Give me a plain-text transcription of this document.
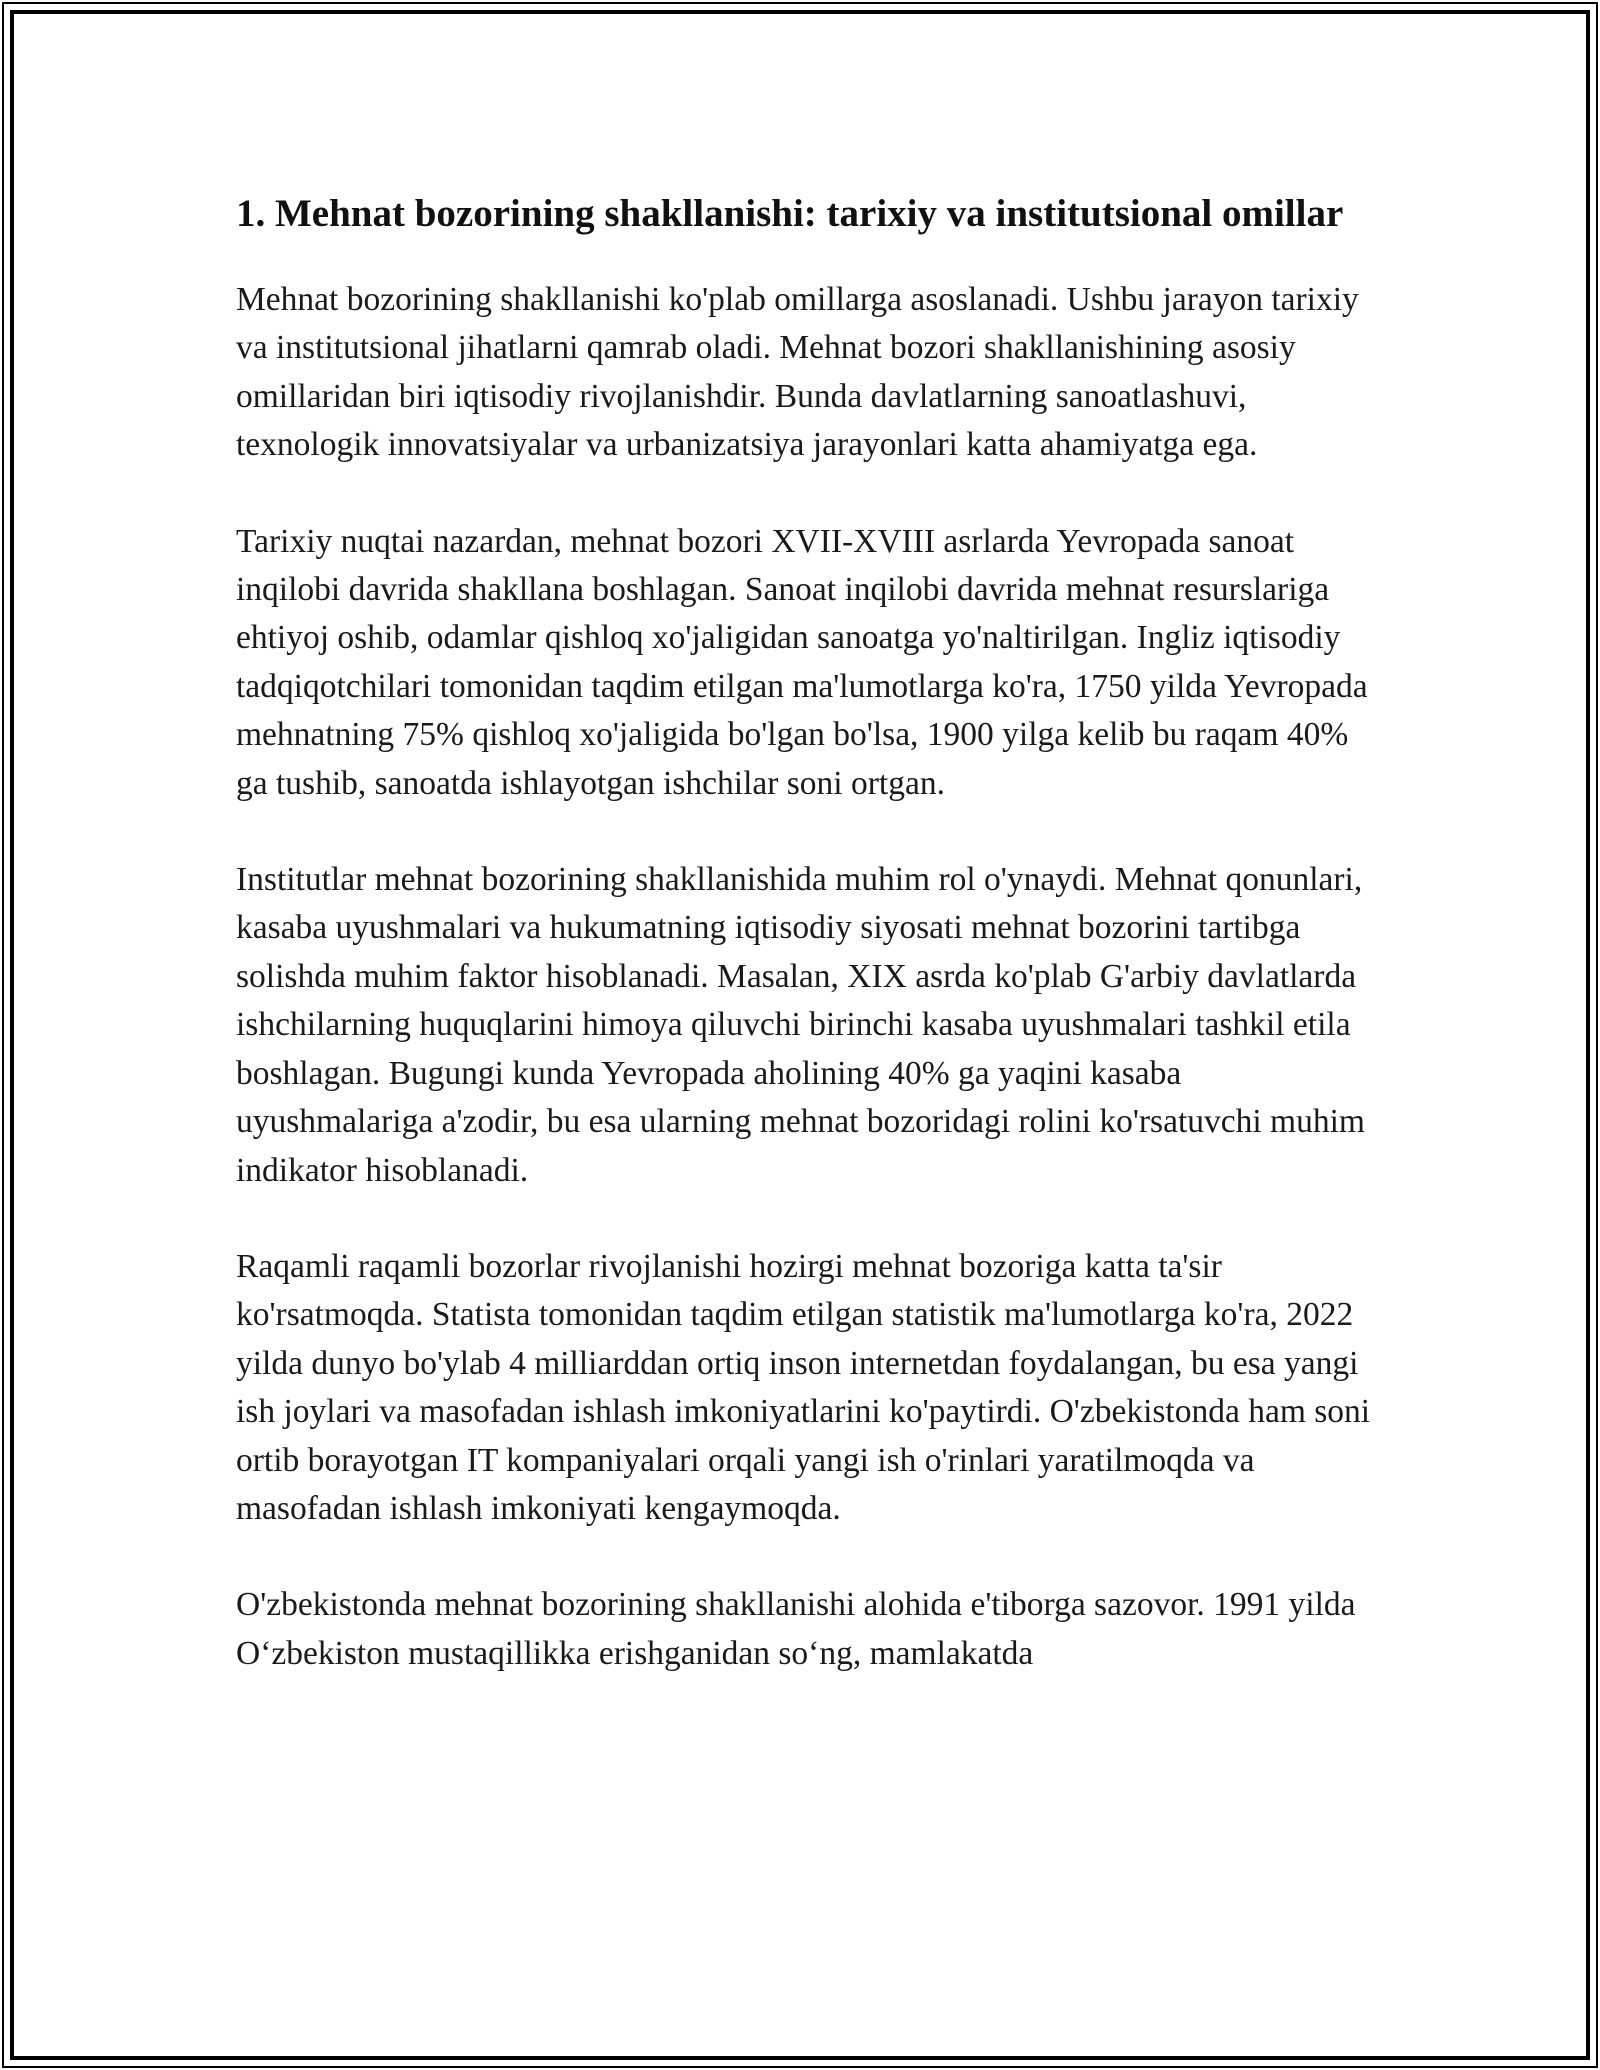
1. Mehnat bozorining shakllanishi: tarixiy va institutsional omillar

Mehnat bozorining shakllanishi ko'plab omillarga asoslanadi. Ushbu jarayon tarixiy va institutsional jihatlarni qamrab oladi. Mehnat bozori shakllanishining asosiy omillaridan biri iqtisodiy rivojlanishdir. Bunda davlatlarning sanoatlashuvi, texnologik innovatsiyalar va urbanizatsiya jarayonlari katta ahamiyatga ega.

Tarixiy nuqtai nazardan, mehnat bozori XVII-XVIII asrlarda Yevropada sanoat inqilobi davrida shakllana boshlagan. Sanoat inqilobi davrida mehnat resurslariga ehtiyoj oshib, odamlar qishloq xo'jaligidan sanoatga yo'naltirilgan. Ingliz iqtisodiy tadqiqotchilari tomonidan taqdim etilgan ma'lumotlarga ko'ra, 1750 yilda Yevropada mehnatning 75% qishloq xo'jaligida bo'lgan bo'lsa, 1900 yilga kelib bu raqam 40% ga tushib, sanoatda ishlayotgan ishchilar soni ortgan.

Institutlar mehnat bozorining shakllanishida muhim rol o'ynaydi. Mehnat qonunlari, kasaba uyushmalari va hukumatning iqtisodiy siyosati mehnat bozorini tartibga solishda muhim faktor hisoblanadi. Masalan, XIX asrda ko'plab G'arbiy davlatlarda ishchilarning huquqlarini himoya qiluvchi birinchi kasaba uyushmalari tashkil etila boshlagan. Bugungi kunda Yevropada aholining 40% ga yaqini kasaba uyushmalariga a'zodir, bu esa ularning mehnat bozoridagi rolini ko'rsatuvchi muhim indikator hisoblanadi.

Raqamli raqamli bozorlar rivojlanishi hozirgi mehnat bozoriga katta ta'sir ko'rsatmoqda. Statista tomonidan taqdim etilgan statistik ma'lumotlarga ko'ra, 2022 yilda dunyo bo'ylab 4 milliarddan ortiq inson internetdan foydalangan, bu esa yangi ish joylari va masofadan ishlash imkoniyatlarini ko'paytirdi. O'zbekistonda ham soni ortib borayotgan IT kompaniyalari orqali yangi ish o'rinlari yaratilmoqda va masofadan ishlash imkoniyati kengaymoqda.

O'zbekistonda mehnat bozorining shakllanishi alohida e'tiborga sazovor. 1991 yilda O‘zbekiston mustaqillikka erishganidan so‘ng, mamlakatda
